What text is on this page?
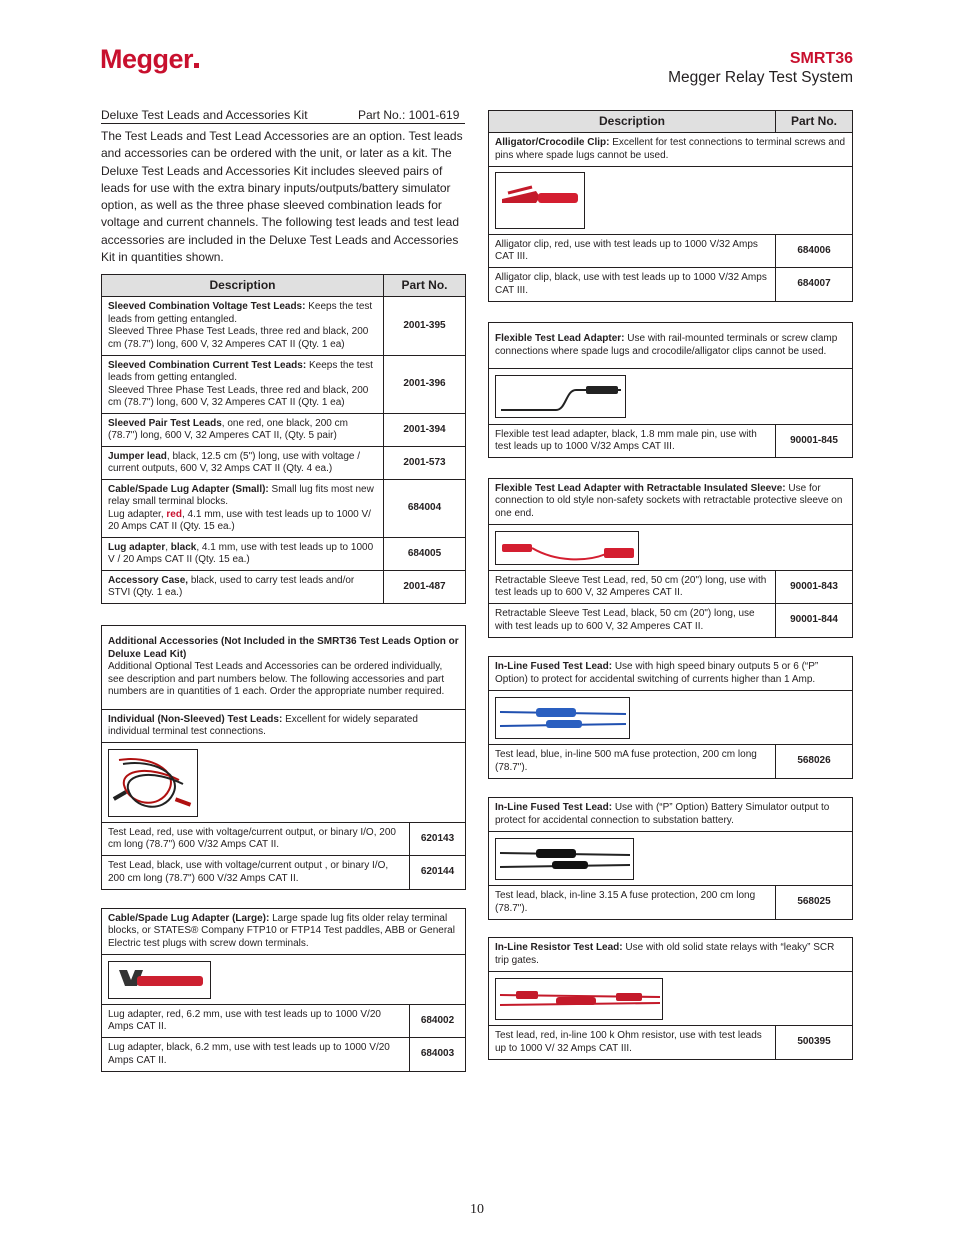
Megger	SMRT36
Megger Relay Test System
Deluxe Test Leads and Accessories Kit	Part No.: 1001-619
The Test Leads and Test Lead Accessories are an option. Test leads and accessories can be ordered with the unit, or later as a kit. The Deluxe Test Leads and Accessories Kit includes sleeved pairs of leads for use with the extra binary inputs/outputs/battery simulator option, as well as the three phase sleeved combination leads for voltage and current channels. The following test leads and test lead accessories are included in the Deluxe Test Leads and Accessories Kit in quantities shown.
Description	Part No.
Sleeved Combination Voltage Test Leads: Keeps the test leads from getting entangled.
Sleeved Three Phase Test Leads, three red and black, 200 cm (78.7") long, 600 V, 32 Amperes CAT II (Qty. 1 ea)	2001-395
Sleeved Combination Current Test Leads: Keeps the test leads from getting entangled.
Sleeved Three Phase Test Leads, three red and black, 200 cm (78.7") long, 600 V, 32 Amperes CAT II (Qty. 1 ea)	2001-396
Sleeved Pair Test Leads, one red, one black, 200 cm (78.7") long, 600 V, 32 Amperes CAT II, (Qty. 5 pair)	2001-394
Jumper lead, black, 12.5 cm (5") long, use with voltage / current outputs, 600 V, 32 Amps CAT II (Qty. 4 ea.)	2001-573
Cable/Spade Lug Adapter (Small): Small lug fits most new relay small terminal blocks.
Lug adapter, red, 4.1 mm, use with test leads up to 1000 V/ 20 Amps CAT II (Qty. 15 ea.)	684004
Lug adapter, black, 4.1 mm, use with test leads up to 1000 V / 20 Amps CAT II (Qty. 15 ea.)	684005
Accessory Case, black, used to carry test leads and/or STVI (Qty. 1 ea.)	2001-487
Additional Accessories (Not Included in the SMRT36 Test Leads Option or Deluxe Lead Kit)
Additional Optional Test Leads and Accessories can be ordered individually, see description and part numbers below. The following accessories and part numbers are in quantities of 1 each. Order the appropriate number required.	
Individual (Non-Sleeved) Test Leads: Excellent for widely separated individual terminal test connections.	

Test Lead, red, use with voltage/current output, or binary I/O, 200 cm long (78.7") 600 V/32 Amps CAT II.	620143
Test Lead, black, use with voltage/current output , or binary I/O, 200 cm long (78.7") 600 V/32 Amps CAT II.	620144
Cable/Spade Lug Adapter (Large): Large spade lug fits older relay terminal blocks, or STATES® Company FTP10 or FTP14 Test paddles, ABB or General Electric test plugs with screw down terminals.	

Lug adapter, red, 6.2 mm, use with test leads up to 1000 V/20 Amps CAT II.	684002
Lug adapter, black, 6.2 mm, use with test leads up to 1000 V/20 Amps CAT II.	684003
Description	Part No.
Alligator/Crocodile Clip: Excellent for test connections to terminal screws and pins where spade lugs cannot be used.	

Alligator clip, red, use with test leads up to 1000 V/32 Amps CAT III.	684006
Alligator clip, black, use with test leads up to 1000 V/32 Amps CAT III.	684007
Flexible Test Lead Adapter: Use with rail-mounted terminals or screw clamp connections where spade lugs and crocodile/alligator clips cannot be used.

Flexible test lead adapter, black, 1.8 mm male pin, use with test leads up to 1000 V/32 Amps CAT III.	90001-845
Flexible Test Lead Adapter with Retractable Insulated Sleeve: Use for connection to old style non-safety sockets with retractable protective sleeve on one end.	

Retractable Sleeve Test Lead, red, 50 cm (20") long, use with test leads up to 600 V, 32 Amperes CAT II.	90001-843
Retractable Sleeve Test Lead, black, 50 cm (20") long, use with test leads up to 600 V, 32 Amperes CAT II.	90001-844
In-Line Fused Test Lead: Use with high speed binary outputs 5 or 6 (“P” Option) to protect for accidental switching of currents higher than 1 Amp.

Test lead, blue, in-line 500 mA fuse protection, 200 cm long (78.7").	568026
In-Line Fused Test Lead: Use with (“P” Option) Battery Simulator output to protect for accidental connection to substation battery.

Test lead, black, in-line 3.15 A fuse protection, 200 cm long (78.7").	568025
In-Line Resistor Test Lead: Use with old solid state relays with “leaky” SCR trip gates.

Test lead, red, in-line 100 k Ohm resistor, use with test leads up to 1000 V/ 32 Amps CAT III.	500395
10
